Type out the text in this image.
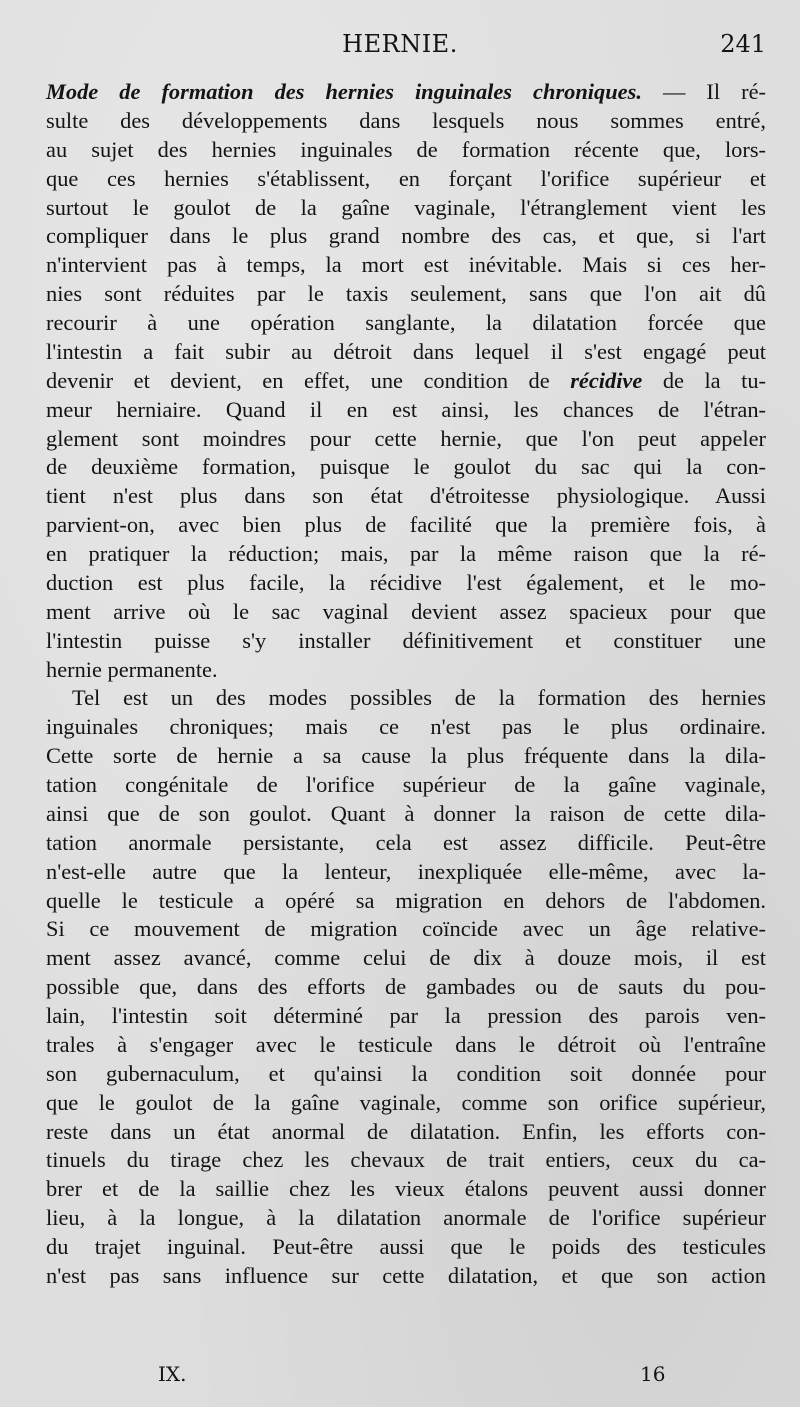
HERNIE.	241
Mode de formation des hernies inguinales chroniques. — Il ré-
sulte des développements dans lesquels nous sommes entré,
au sujet des hernies inguinales de formation récente que, lors-
que ces hernies s'établissent, en forçant l'orifice supérieur et
surtout le goulot de la gaîne vaginale, l'étranglement vient les
compliquer dans le plus grand nombre des cas, et que, si l'art
n'intervient pas à temps, la mort est inévitable. Mais si ces her-
nies sont réduites par le taxis seulement, sans que l'on ait dû
recourir à une opération sanglante, la dilatation forcée que
l'intestin a fait subir au détroit dans lequel il s'est engagé peut
devenir et devient, en effet, une condition de récidive de la tu-
meur herniaire. Quand il en est ainsi, les chances de l'étran-
glement sont moindres pour cette hernie, que l'on peut appeler
de deuxième formation, puisque le goulot du sac qui la con-
tient n'est plus dans son état d'étroitesse physiologique. Aussi
parvient-on, avec bien plus de facilité que la première fois, à
en pratiquer la réduction; mais, par la même raison que la ré-
duction est plus facile, la récidive l'est également, et le mo-
ment arrive où le sac vaginal devient assez spacieux pour que
l'intestin puisse s'y installer définitivement et constituer une
hernie permanente.
Tel est un des modes possibles de la formation des hernies
inguinales chroniques; mais ce n'est pas le plus ordinaire.
Cette sorte de hernie a sa cause la plus fréquente dans la dila-
tation congénitale de l'orifice supérieur de la gaîne vaginale,
ainsi que de son goulot. Quant à donner la raison de cette dila-
tation anormale persistante, cela est assez difficile. Peut-être
n'est-elle autre que la lenteur, inexpliquée elle-même, avec la-
quelle le testicule a opéré sa migration en dehors de l'abdomen.
Si ce mouvement de migration coïncide avec un âge relative-
ment assez avancé, comme celui de dix à douze mois, il est
possible que, dans des efforts de gambades ou de sauts du pou-
lain, l'intestin soit déterminé par la pression des parois ven-
trales à s'engager avec le testicule dans le détroit où l'entraîne
son gubernaculum, et qu'ainsi la condition soit donnée pour
que le goulot de la gaîne vaginale, comme son orifice supérieur,
reste dans un état anormal de dilatation. Enfin, les efforts con-
tinuels du tirage chez les chevaux de trait entiers, ceux du ca-
brer et de la saillie chez les vieux étalons peuvent aussi donner
lieu, à la longue, à la dilatation anormale de l'orifice supérieur
du trajet inguinal. Peut-être aussi que le poids des testicules
n'est pas sans influence sur cette dilatation, et que son action
IX.	16
